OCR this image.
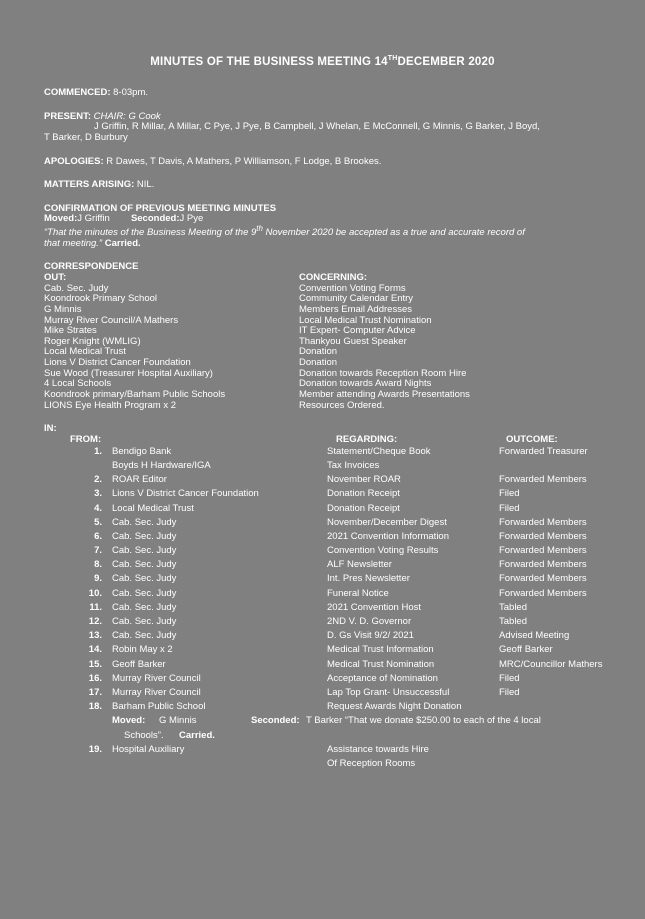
MINUTES OF THE BUSINESS MEETING 14THDECEMBER 2020
COMMENCED: 8-03pm.
PRESENT: CHAIR: G Cook
J Griffin, R Millar, A Millar, C Pye, J Pye, B Campbell, J Whelan, E McConnell, G Minnis, G Barker, J Boyd,
T Barker, D Burbury
APOLOGIES: R Dawes, T Davis, A Mathers, P Williamson, F Lodge, B Brookes.
MATTERS ARISING: NIL.
CONFIRMATION OF PREVIOUS MEETING MINUTES
Moved:J Griffin Seconded:J Pye
“That the minutes of the Business Meeting of the 9th November 2020 be accepted as a true and accurate record of
that meeting.” Carried.
CORRESPONDENCE
OUT:	CONCERNING:
Cab. Sec. Judy	Convention Voting Forms
Koondrook Primary School	Community Calendar Entry
G Minnis	Members Email Addresses
Murray River Council/A Mathers	Local Medical Trust Nomination
Mike Strates	IT Expert- Computer Advice
Roger Knight (WMLIG)	Thankyou Guest Speaker
Local Medical Trust	Donation
Lions V District Cancer Foundation	Donation
Sue Wood (Treasurer Hospital Auxiliary)	Donation towards Reception Room Hire
4 Local Schools	Donation towards Award Nights
Koondrook primary/Barham Public Schools	Member attending Awards Presentations
LIONS Eye Health Program x 2	Resources Ordered.
IN:
FROM:	REGARDING:	OUTCOME:
1. Bendigo Bank	Statement/Cheque Book	Forwarded Treasurer
Boyds H Hardware/IGA	Tax Invoices
2. ROAR Editor	November ROAR	Forwarded Members
3. Lions V District Cancer Foundation	Donation Receipt	Filed
4. Local Medical Trust	Donation Receipt	Filed
5. Cab. Sec. Judy	November/December Digest	Forwarded Members
6. Cab. Sec. Judy	2021 Convention Information	Forwarded Members
7. Cab. Sec. Judy	Convention Voting Results	Forwarded Members
8. Cab. Sec. Judy	ALF Newsletter	Forwarded Members
9. Cab. Sec. Judy	Int. Pres Newsletter	Forwarded Members
10. Cab. Sec. Judy	Funeral Notice	Forwarded Members
11. Cab. Sec. Judy	2021 Convention Host	Tabled
12. Cab. Sec. Judy	2ND V. D. Governor	Tabled
13. Cab. Sec. Judy	D. Gs Visit 9/2/ 2021	Advised Meeting
14. Robin May x 2	Medical Trust Information	Geoff Barker
15. Geoff Barker	Medical Trust Nomination	MRC/Councillor Mathers
16. Murray River Council	Acceptance of Nomination	Filed
17. Murray River Council	Lap Top Grant- Unsuccessful	Filed
18. Barham Public School	Request Awards Night Donation
Moved: G Minnis	Seconded: T Barker “That we donate $250.00 to each of the 4 local
Schools”. Carried.
19. Hospital Auxiliary	Assistance towards Hire
Of Reception Rooms
